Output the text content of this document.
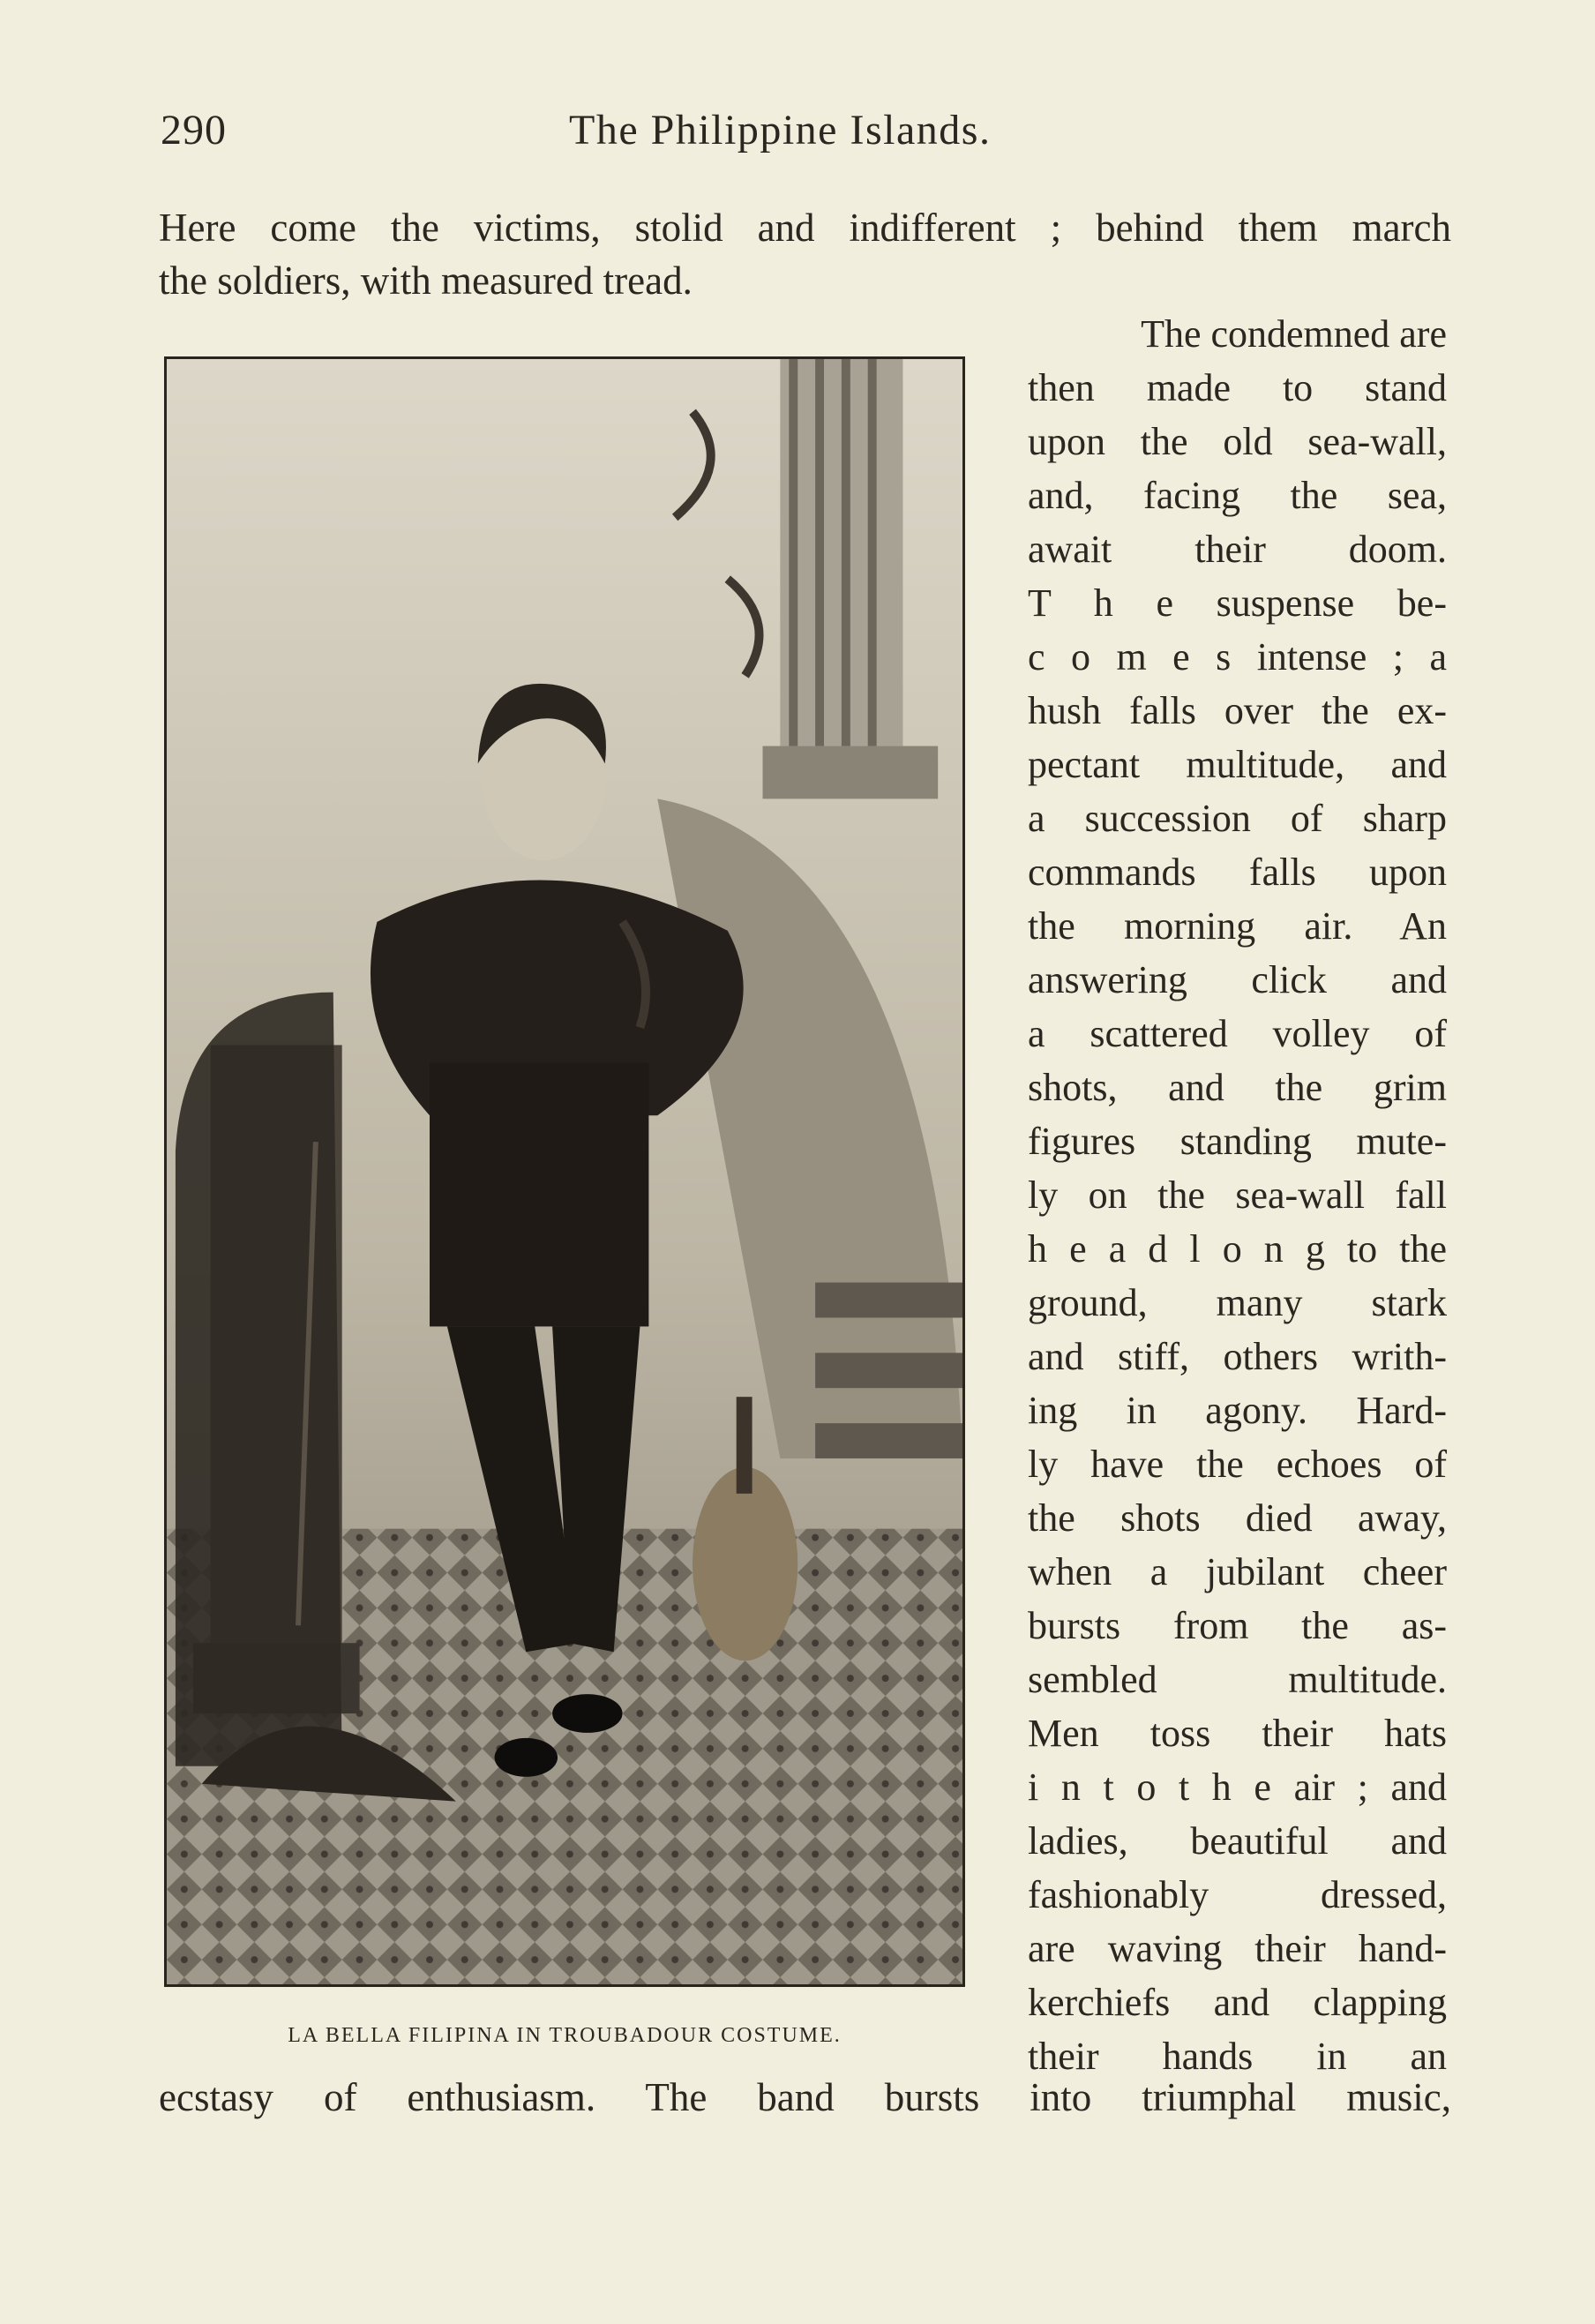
290	The Philippine Islands.
Here come the victims, stolid and indifferent ; behind them march
the soldiers, with measured tread.
The condemned are
then made to stand
upon the old sea-wall,
and, facing the sea,
await their doom.
T h e suspense be-
c o m e s intense ; a
hush falls over the ex-
pectant multitude, and
a succession of sharp
commands falls upon
the morning air. An
answering click and
a scattered volley of
shots, and the grim
figures standing mute-
ly on the sea-wall fall
h e a d l o n g to the
ground, many stark
and stiff, others writh-
ing in agony. Hard-
ly have the echoes of
the shots died away,
when a jubilant cheer
bursts from the as-
sembled multitude.
Men toss their hats
i n t o t h e air ; and
ladies, beautiful and
fashionably dressed,
are waving their hand-
kerchiefs and clapping
their hands in an
LA BELLA FILIPINA IN TROUBADOUR COSTUME.
ecstasy of enthusiasm. The band bursts into triumphal music,
